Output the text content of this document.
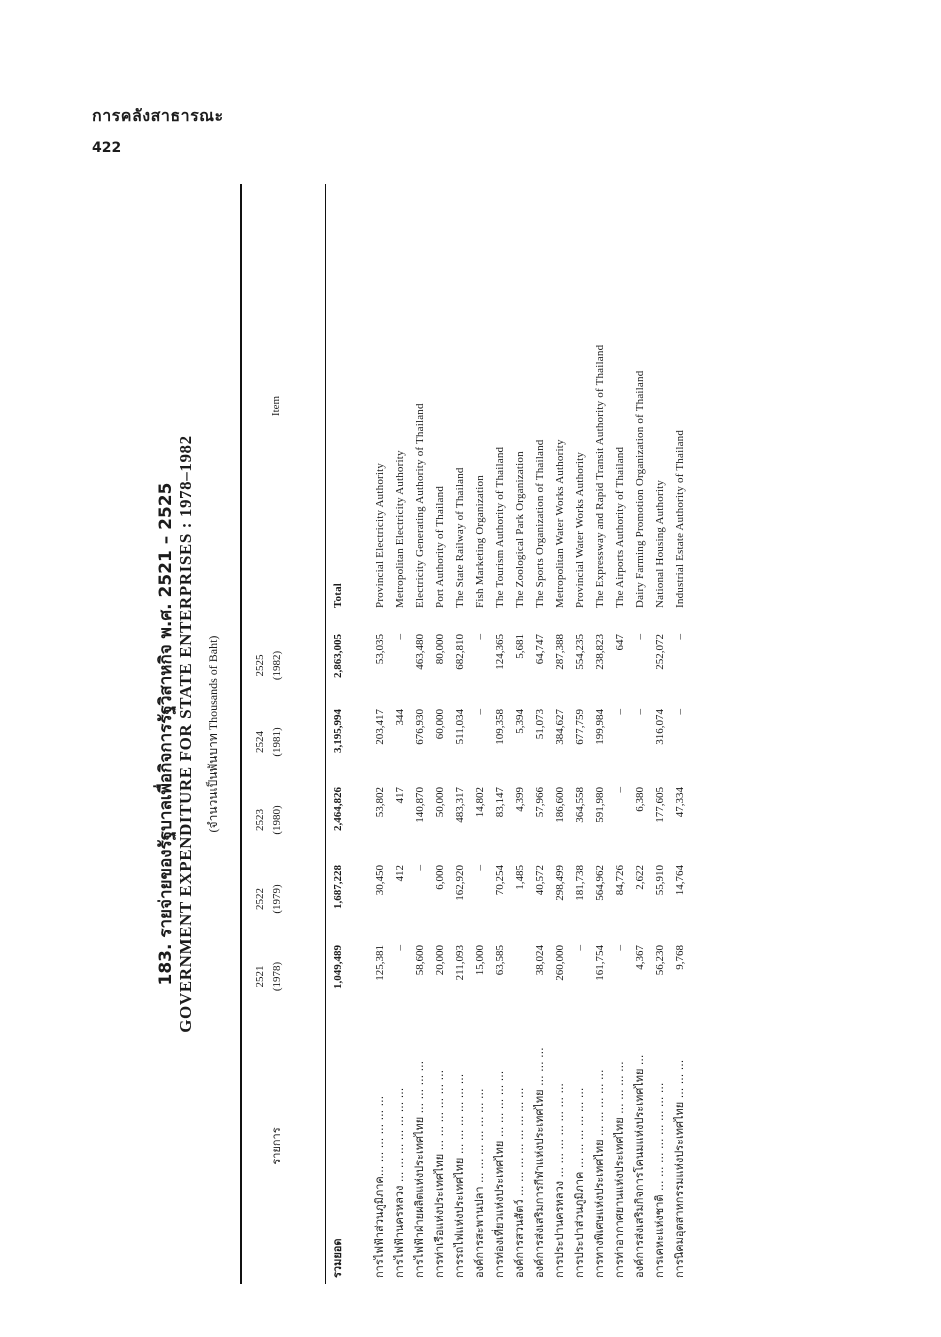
การคลังสาธารณะ
422
183. รายจ่ายของรัฐบาลเพื่อกิจการรัฐวิสาหกิจ พ.ศ. 2521 – 2525 GOVERNMENT EXPENDITURE FOR STATE ENTERPRISES : 1978–1982 (จำนวนเป็นพันบาท Thousands of Baht)
รายการ
2521 (1978)
2522 (1979)
2523 (1980)
2524 (1981)
2525 (1982)
Item
รวมยอด
1,049,489
1,687,228
2,464,826
3,195,994
2,863,005
Total
การไฟฟ้าส่วนภูมิภาค... ... ... ... ... ...
125,381
30,450
53,802
203,417
53,035
Provincial Electricity Authority
การไฟฟ้านครหลวง ... ... ... ... ... ... ...
–
412
417
344
–
Metropolitan Electricity Authority
การไฟฟ้าฝ่ายผลิตแห่งประเทศไทย ... ... ... ...
58,600
–
140,870
676,930
463,480
Electricity Generating Authority of Thailand
การท่าเรือแห่งประเทศไทย ... ... ... ... ... ...
20,000
6,000
50,000
60,000
80,000
Port Authority of Thailand
การรถไฟแห่งประเทศไทย ... ... ... ... ... ...
211,093
162,920
483,317
511,034
682,810
The State Railway of Thailand
องค์การสะพานปลา ... ... ... ... ... ... ...
15,000
–
14,802
–
–
Fish Marketing Organization
การท่องเที่ยวแห่งประเทศไทย ... ... ... ... ...
63,585
70,254
83,147
109,358
124,365
The Tourism Authority of Thailand
องค์การสวนสัตว์ ... ... ... ... ... ... ... ...
1,485
4,399
5,394
5,681
The Zoological Park Organization
องค์การส่งเสริมการกีฬาแห่งประเทศไทย ... ... ...
38,024
40,572
57,966
51,073
64,747
The Sports Organization of Thailand
การประปานครหลวง ... ... ... ... ... ... ...
260,000
298,499
186,600
384,627
287,388
Metropolitan Water Works Authority
การประปาส่วนภูมิภาค ... ... ... ... ... ...
–
181,738
364,558
677,759
554,235
Provincial Water Works Authority
การทางพิเศษแห่งประเทศไทย ... ... ... ... ...
161,754
564,962
591,980
199,984
238,823
The Expressway and Rapid Transit Authority of Thailand
การท่าอากาศยานแห่งประเทศไทย ... ... ... ...
–
84,726
–
–
647
The Airports Authority of Thailand
องค์การส่งเสริมกิจการโคนมแห่งประเทศไทย ...
4,367
2,622
6,380
–
–
Dairy Farming Promotion Organization of Thailand
การเคหะแห่งชาติ ... ... ... ... ... ... ... ...
56,230
55,910
177,605
316,074
252,072
National Housing Authority
การนิคมอุตสาหกรรมแห่งประเทศไทย ... ... ...
9,768
14,764
47,334
–
–
Industrial Estate Authority of Thailand
